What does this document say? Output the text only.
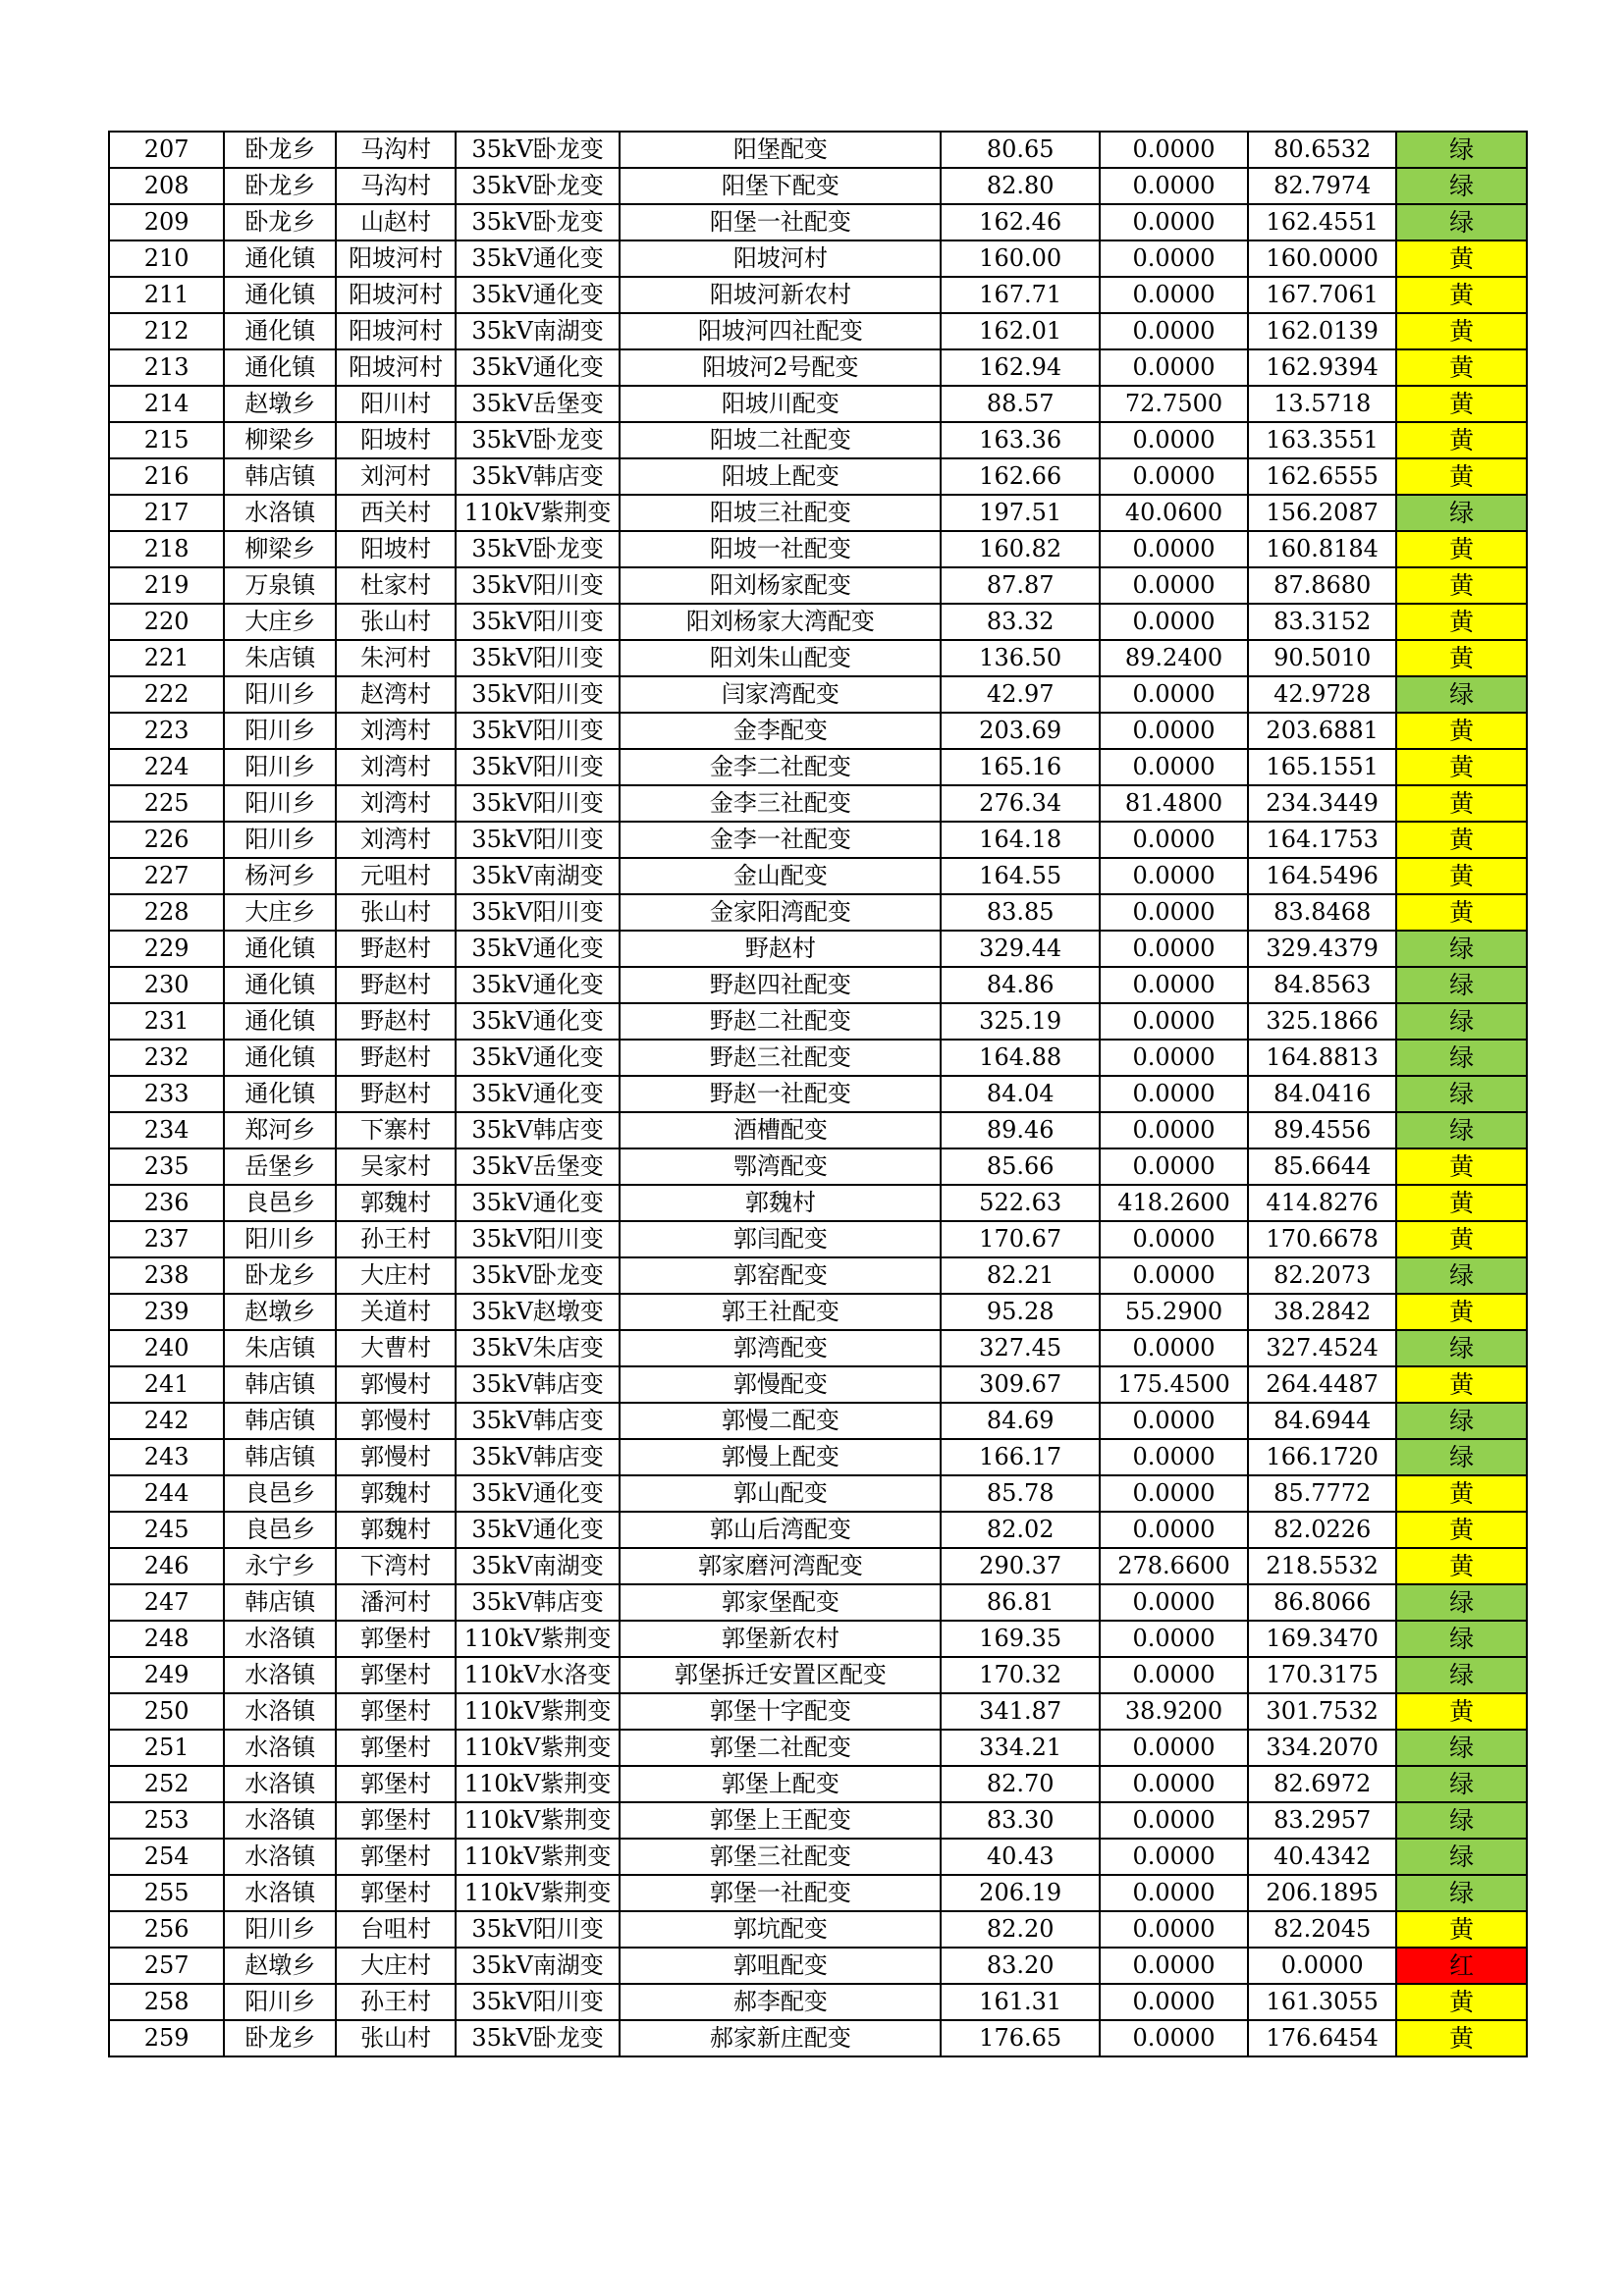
207	卧龙乡	马沟村	35kV卧龙变	阳堡配变	80.65	0.0000	80.6532	绿
208	卧龙乡	马沟村	35kV卧龙变	阳堡下配变	82.80	0.0000	82.7974	绿
209	卧龙乡	山赵村	35kV卧龙变	阳堡一社配变	162.46	0.0000	162.4551	绿
210	通化镇	阳坡河村	35kV通化变	阳坡河村	160.00	0.0000	160.0000	黄
211	通化镇	阳坡河村	35kV通化变	阳坡河新农村	167.71	0.0000	167.7061	黄
212	通化镇	阳坡河村	35kV南湖变	阳坡河四社配变	162.01	0.0000	162.0139	黄
213	通化镇	阳坡河村	35kV通化变	阳坡河2号配变	162.94	0.0000	162.9394	黄
214	赵墩乡	阳川村	35kV岳堡变	阳坡川配变	88.57	72.7500	13.5718	黄
215	柳梁乡	阳坡村	35kV卧龙变	阳坡二社配变	163.36	0.0000	163.3551	黄
216	韩店镇	刘河村	35kV韩店变	阳坡上配变	162.66	0.0000	162.6555	黄
217	水洛镇	西关村	110kV紫荆变	阳坡三社配变	197.51	40.0600	156.2087	绿
218	柳梁乡	阳坡村	35kV卧龙变	阳坡一社配变	160.82	0.0000	160.8184	黄
219	万泉镇	杜家村	35kV阳川变	阳刘杨家配变	87.87	0.0000	87.8680	黄
220	大庄乡	张山村	35kV阳川变	阳刘杨家大湾配变	83.32	0.0000	83.3152	黄
221	朱店镇	朱河村	35kV阳川变	阳刘朱山配变	136.50	89.2400	90.5010	黄
222	阳川乡	赵湾村	35kV阳川变	闫家湾配变	42.97	0.0000	42.9728	绿
223	阳川乡	刘湾村	35kV阳川变	金李配变	203.69	0.0000	203.6881	黄
224	阳川乡	刘湾村	35kV阳川变	金李二社配变	165.16	0.0000	165.1551	黄
225	阳川乡	刘湾村	35kV阳川变	金李三社配变	276.34	81.4800	234.3449	黄
226	阳川乡	刘湾村	35kV阳川变	金李一社配变	164.18	0.0000	164.1753	黄
227	杨河乡	元咀村	35kV南湖变	金山配变	164.55	0.0000	164.5496	黄
228	大庄乡	张山村	35kV阳川变	金家阳湾配变	83.85	0.0000	83.8468	黄
229	通化镇	野赵村	35kV通化变	野赵村	329.44	0.0000	329.4379	绿
230	通化镇	野赵村	35kV通化变	野赵四社配变	84.86	0.0000	84.8563	绿
231	通化镇	野赵村	35kV通化变	野赵二社配变	325.19	0.0000	325.1866	绿
232	通化镇	野赵村	35kV通化变	野赵三社配变	164.88	0.0000	164.8813	绿
233	通化镇	野赵村	35kV通化变	野赵一社配变	84.04	0.0000	84.0416	绿
234	郑河乡	下寨村	35kV韩店变	酒槽配变	89.46	0.0000	89.4556	绿
235	岳堡乡	吴家村	35kV岳堡变	鄂湾配变	85.66	0.0000	85.6644	黄
236	良邑乡	郭魏村	35kV通化变	郭魏村	522.63	418.2600	414.8276	黄
237	阳川乡	孙王村	35kV阳川变	郭闫配变	170.67	0.0000	170.6678	黄
238	卧龙乡	大庄村	35kV卧龙变	郭窑配变	82.21	0.0000	82.2073	绿
239	赵墩乡	关道村	35kV赵墩变	郭王社配变	95.28	55.2900	38.2842	黄
240	朱店镇	大曹村	35kV朱店变	郭湾配变	327.45	0.0000	327.4524	绿
241	韩店镇	郭慢村	35kV韩店变	郭慢配变	309.67	175.4500	264.4487	黄
242	韩店镇	郭慢村	35kV韩店变	郭慢二配变	84.69	0.0000	84.6944	绿
243	韩店镇	郭慢村	35kV韩店变	郭慢上配变	166.17	0.0000	166.1720	绿
244	良邑乡	郭魏村	35kV通化变	郭山配变	85.78	0.0000	85.7772	黄
245	良邑乡	郭魏村	35kV通化变	郭山后湾配变	82.02	0.0000	82.0226	黄
246	永宁乡	下湾村	35kV南湖变	郭家磨河湾配变	290.37	278.6600	218.5532	黄
247	韩店镇	潘河村	35kV韩店变	郭家堡配变	86.81	0.0000	86.8066	绿
248	水洛镇	郭堡村	110kV紫荆变	郭堡新农村	169.35	0.0000	169.3470	绿
249	水洛镇	郭堡村	110kV水洛变	郭堡拆迁安置区配变	170.32	0.0000	170.3175	绿
250	水洛镇	郭堡村	110kV紫荆变	郭堡十字配变	341.87	38.9200	301.7532	黄
251	水洛镇	郭堡村	110kV紫荆变	郭堡二社配变	334.21	0.0000	334.2070	绿
252	水洛镇	郭堡村	110kV紫荆变	郭堡上配变	82.70	0.0000	82.6972	绿
253	水洛镇	郭堡村	110kV紫荆变	郭堡上王配变	83.30	0.0000	83.2957	绿
254	水洛镇	郭堡村	110kV紫荆变	郭堡三社配变	40.43	0.0000	40.4342	绿
255	水洛镇	郭堡村	110kV紫荆变	郭堡一社配变	206.19	0.0000	206.1895	绿
256	阳川乡	台咀村	35kV阳川变	郭坑配变	82.20	0.0000	82.2045	黄
257	赵墩乡	大庄村	35kV南湖变	郭咀配变	83.20	0.0000	0.0000	红
258	阳川乡	孙王村	35kV阳川变	郝李配变	161.31	0.0000	161.3055	黄
259	卧龙乡	张山村	35kV卧龙变	郝家新庄配变	176.65	0.0000	176.6454	黄
